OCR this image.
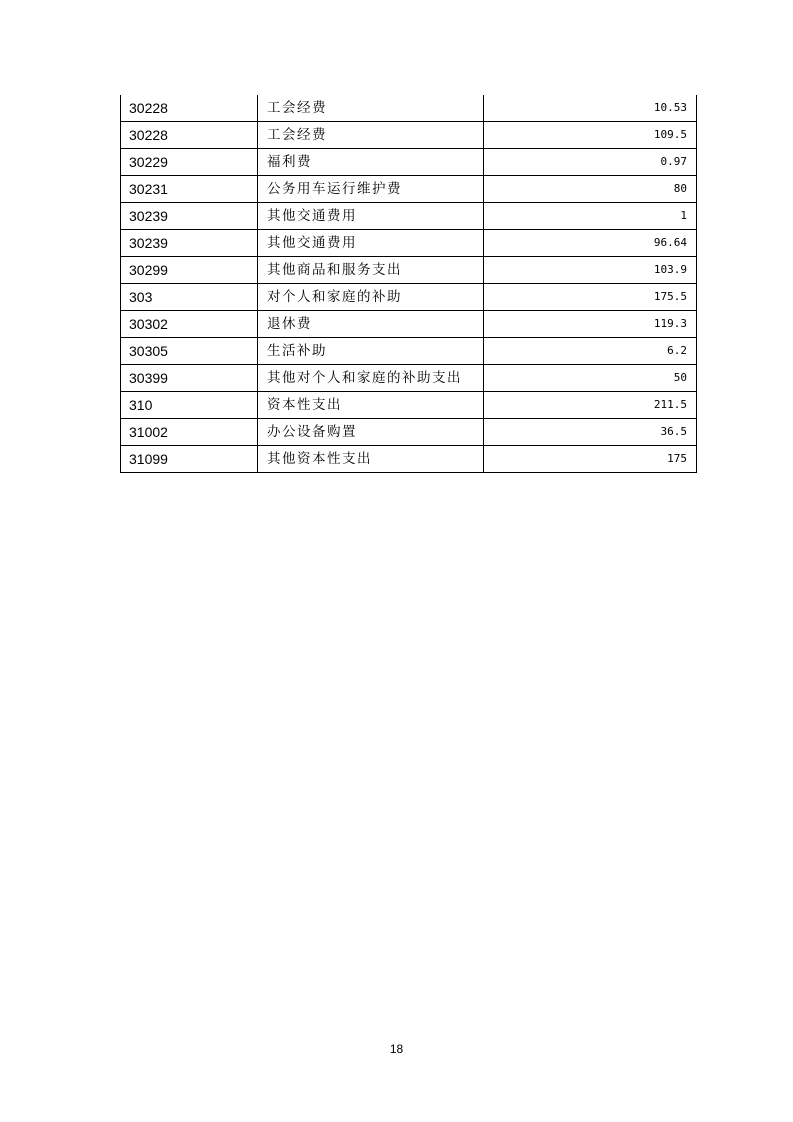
30228	工会经费	10.53
30228	工会经费	109.5
30229	福利费	0.97
30231	公务用车运行维护费	80
30239	其他交通费用	1
30239	其他交通费用	96.64
30299	其他商品和服务支出	103.9
303	对个人和家庭的补助	175.5
30302	退休费	119.3
30305	生活补助	6.2
30399	其他对个人和家庭的补助支出	50
310	资本性支出	211.5
31002	办公设备购置	36.5
31099	其他资本性支出	175
18
